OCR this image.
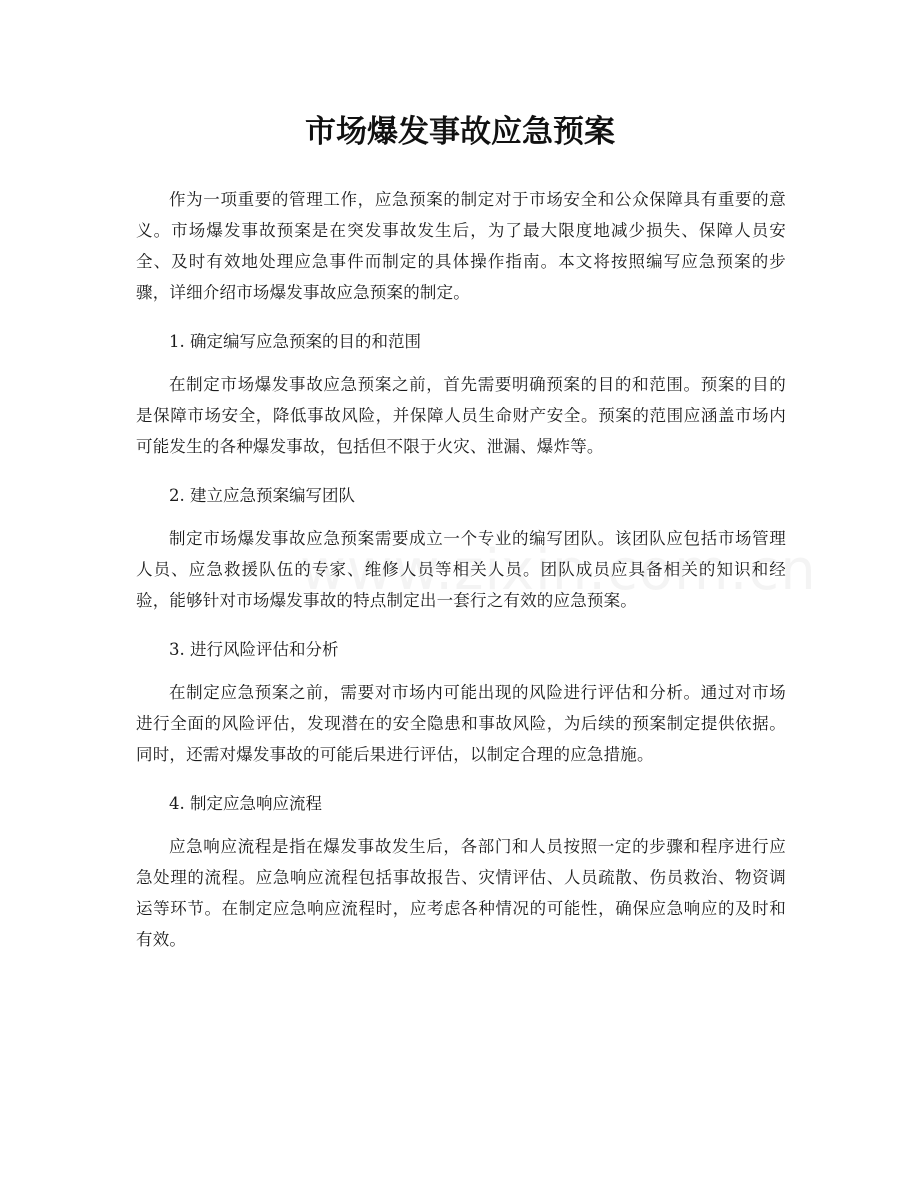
市场爆发事故应急预案

作为一项重要的管理工作，应急预案的制定对于市场安全和公众保障具有重要的意义。市场爆发事故预案是在突发事故发生后，为了最大限度地减少损失、保障人员安全、及时有效地处理应急事件而制定的具体操作指南。本文将按照编写应急预案的步骤，详细介绍市场爆发事故应急预案的制定。

1. 确定编写应急预案的目的和范围

在制定市场爆发事故应急预案之前，首先需要明确预案的目的和范围。预案的目的是保障市场安全，降低事故风险，并保障人员生命财产安全。预案的范围应涵盖市场内可能发生的各种爆发事故，包括但不限于火灾、泄漏、爆炸等。

2. 建立应急预案编写团队

制定市场爆发事故应急预案需要成立一个专业的编写团队。该团队应包括市场管理人员、应急救援队伍的专家、维修人员等相关人员。团队成员应具备相关的知识和经验，能够针对市场爆发事故的特点制定出一套行之有效的应急预案。

3. 进行风险评估和分析

在制定应急预案之前，需要对市场内可能出现的风险进行评估和分析。通过对市场进行全面的风险评估，发现潜在的安全隐患和事故风险，为后续的预案制定提供依据。同时，还需对爆发事故的可能后果进行评估，以制定合理的应急措施。

4. 制定应急响应流程

应急响应流程是指在爆发事故发生后，各部门和人员按照一定的步骤和程序进行应急处理的流程。应急响应流程包括事故报告、灾情评估、人员疏散、伤员救治、物资调运等环节。在制定应急响应流程时，应考虑各种情况的可能性，确保应急响应的及时和有效。
